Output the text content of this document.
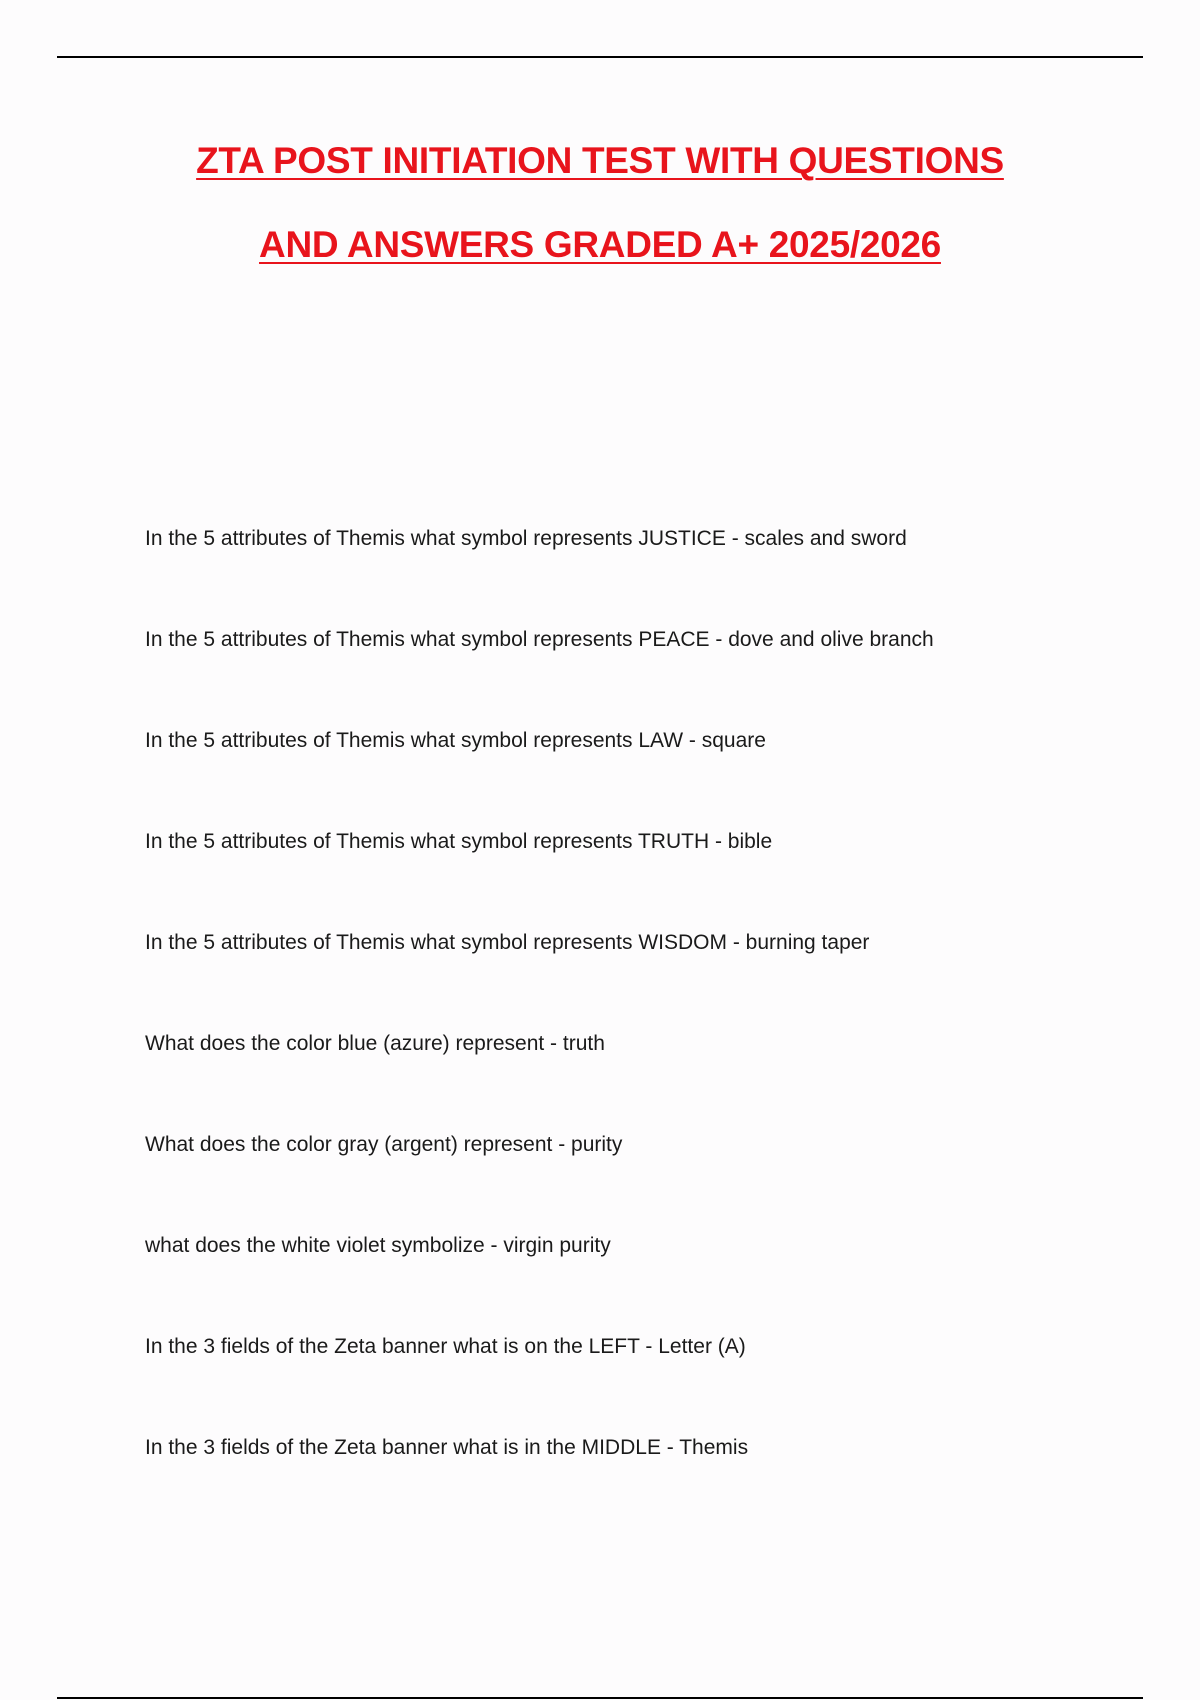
ZTA POST INITIATION TEST WITH QUESTIONS
AND ANSWERS GRADED A+ 2025/2026
In the 5 attributes of Themis what symbol represents JUSTICE - scales and sword
In the 5 attributes of Themis what symbol represents PEACE - dove and olive branch
In the 5 attributes of Themis what symbol represents LAW - square
In the 5 attributes of Themis what symbol represents TRUTH - bible
In the 5 attributes of Themis what symbol represents WISDOM - burning taper
What does the color blue (azure) represent - truth
What does the color gray (argent) represent - purity
what does the white violet symbolize - virgin purity
In the 3 fields of the Zeta banner what is on the LEFT - Letter (A)
In the 3 fields of the Zeta banner what is in the MIDDLE - Themis
